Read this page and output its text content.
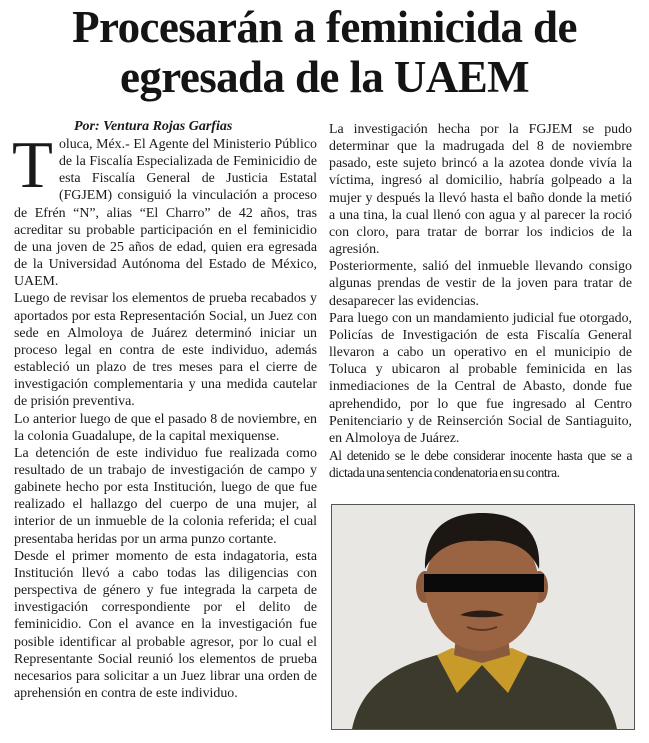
Procesarán a feminicida de
egresada de la UAEM

Por: Ventura Rojas Garfias

Toluca, Méx.- El Agente del Ministerio Público de la Fiscalía Especializada de Feminicidio de esta Fiscalía General de Justicia Estatal (FGJEM) consiguió la vinculación a proceso de Efrén “N”, alias “El Charro” de 42 años, tras acreditar su probable participación en el feminicidio de una joven de 25 años de edad, quien era egresada de la Universidad Autónoma del Estado de México, UAEM.

Luego de revisar los elementos de prueba recabados y aportados por esta Representación Social, un Juez con sede en Almoloya de Juárez determinó iniciar un proceso legal en contra de este individuo, además estableció un plazo de tres meses para el cierre de investigación complementaria y una medida cautelar de prisión preventiva.

Lo anterior luego de que el pasado 8 de noviembre, en la colonia Guadalupe, de la capital mexiquense.

La detención de este individuo fue realizada como resultado de un trabajo de investigación de campo y gabinete hecho por esta Institución, luego de que fue realizado el hallazgo del cuerpo de una mujer, al interior de un inmueble de la colonia referida; el cual presentaba heridas por un arma punzo cortante.

Desde el primer momento de esta indagatoria, esta Institución llevó a cabo todas las diligencias con perspectiva de género y fue integrada la carpeta de investigación correspondiente por el delito de feminicidio. Con el avance en la investigación fue posible identificar al probable agresor, por lo cual el Representante Social reunió los elementos de prueba necesarios para solicitar a un Juez librar una orden de aprehensión en contra de este individuo.

La investigación hecha por la FGJEM se pudo determinar que la madrugada del 8 de noviembre pasado, este sujeto brincó a la azotea donde vivía la víctima, ingresó al domicilio, habría golpeado a la mujer y después la llevó hasta el baño donde la metió a una tina, la cual llenó con agua y al parecer la roció con cloro, para tratar de borrar los indicios de la agresión.

Posteriormente, salió del inmueble llevando consigo algunas prendas de vestir de la joven para tratar de desaparecer las evidencias.

Para luego con un mandamiento judicial fue otorgado, Policías de Investigación de esta Fiscalía General llevaron a cabo un operativo en el municipio de Toluca y ubicaron al probable feminicida en las inmediaciones de la Central de Abasto, donde fue aprehendido, por lo que fue ingresado al Centro Penitenciario y de Reinserción Social de Santiaguito, en Almoloya de Juárez.

Al detenido se le debe considerar inocente hasta que se a dictada una sentencia condenatoria en su contra.
